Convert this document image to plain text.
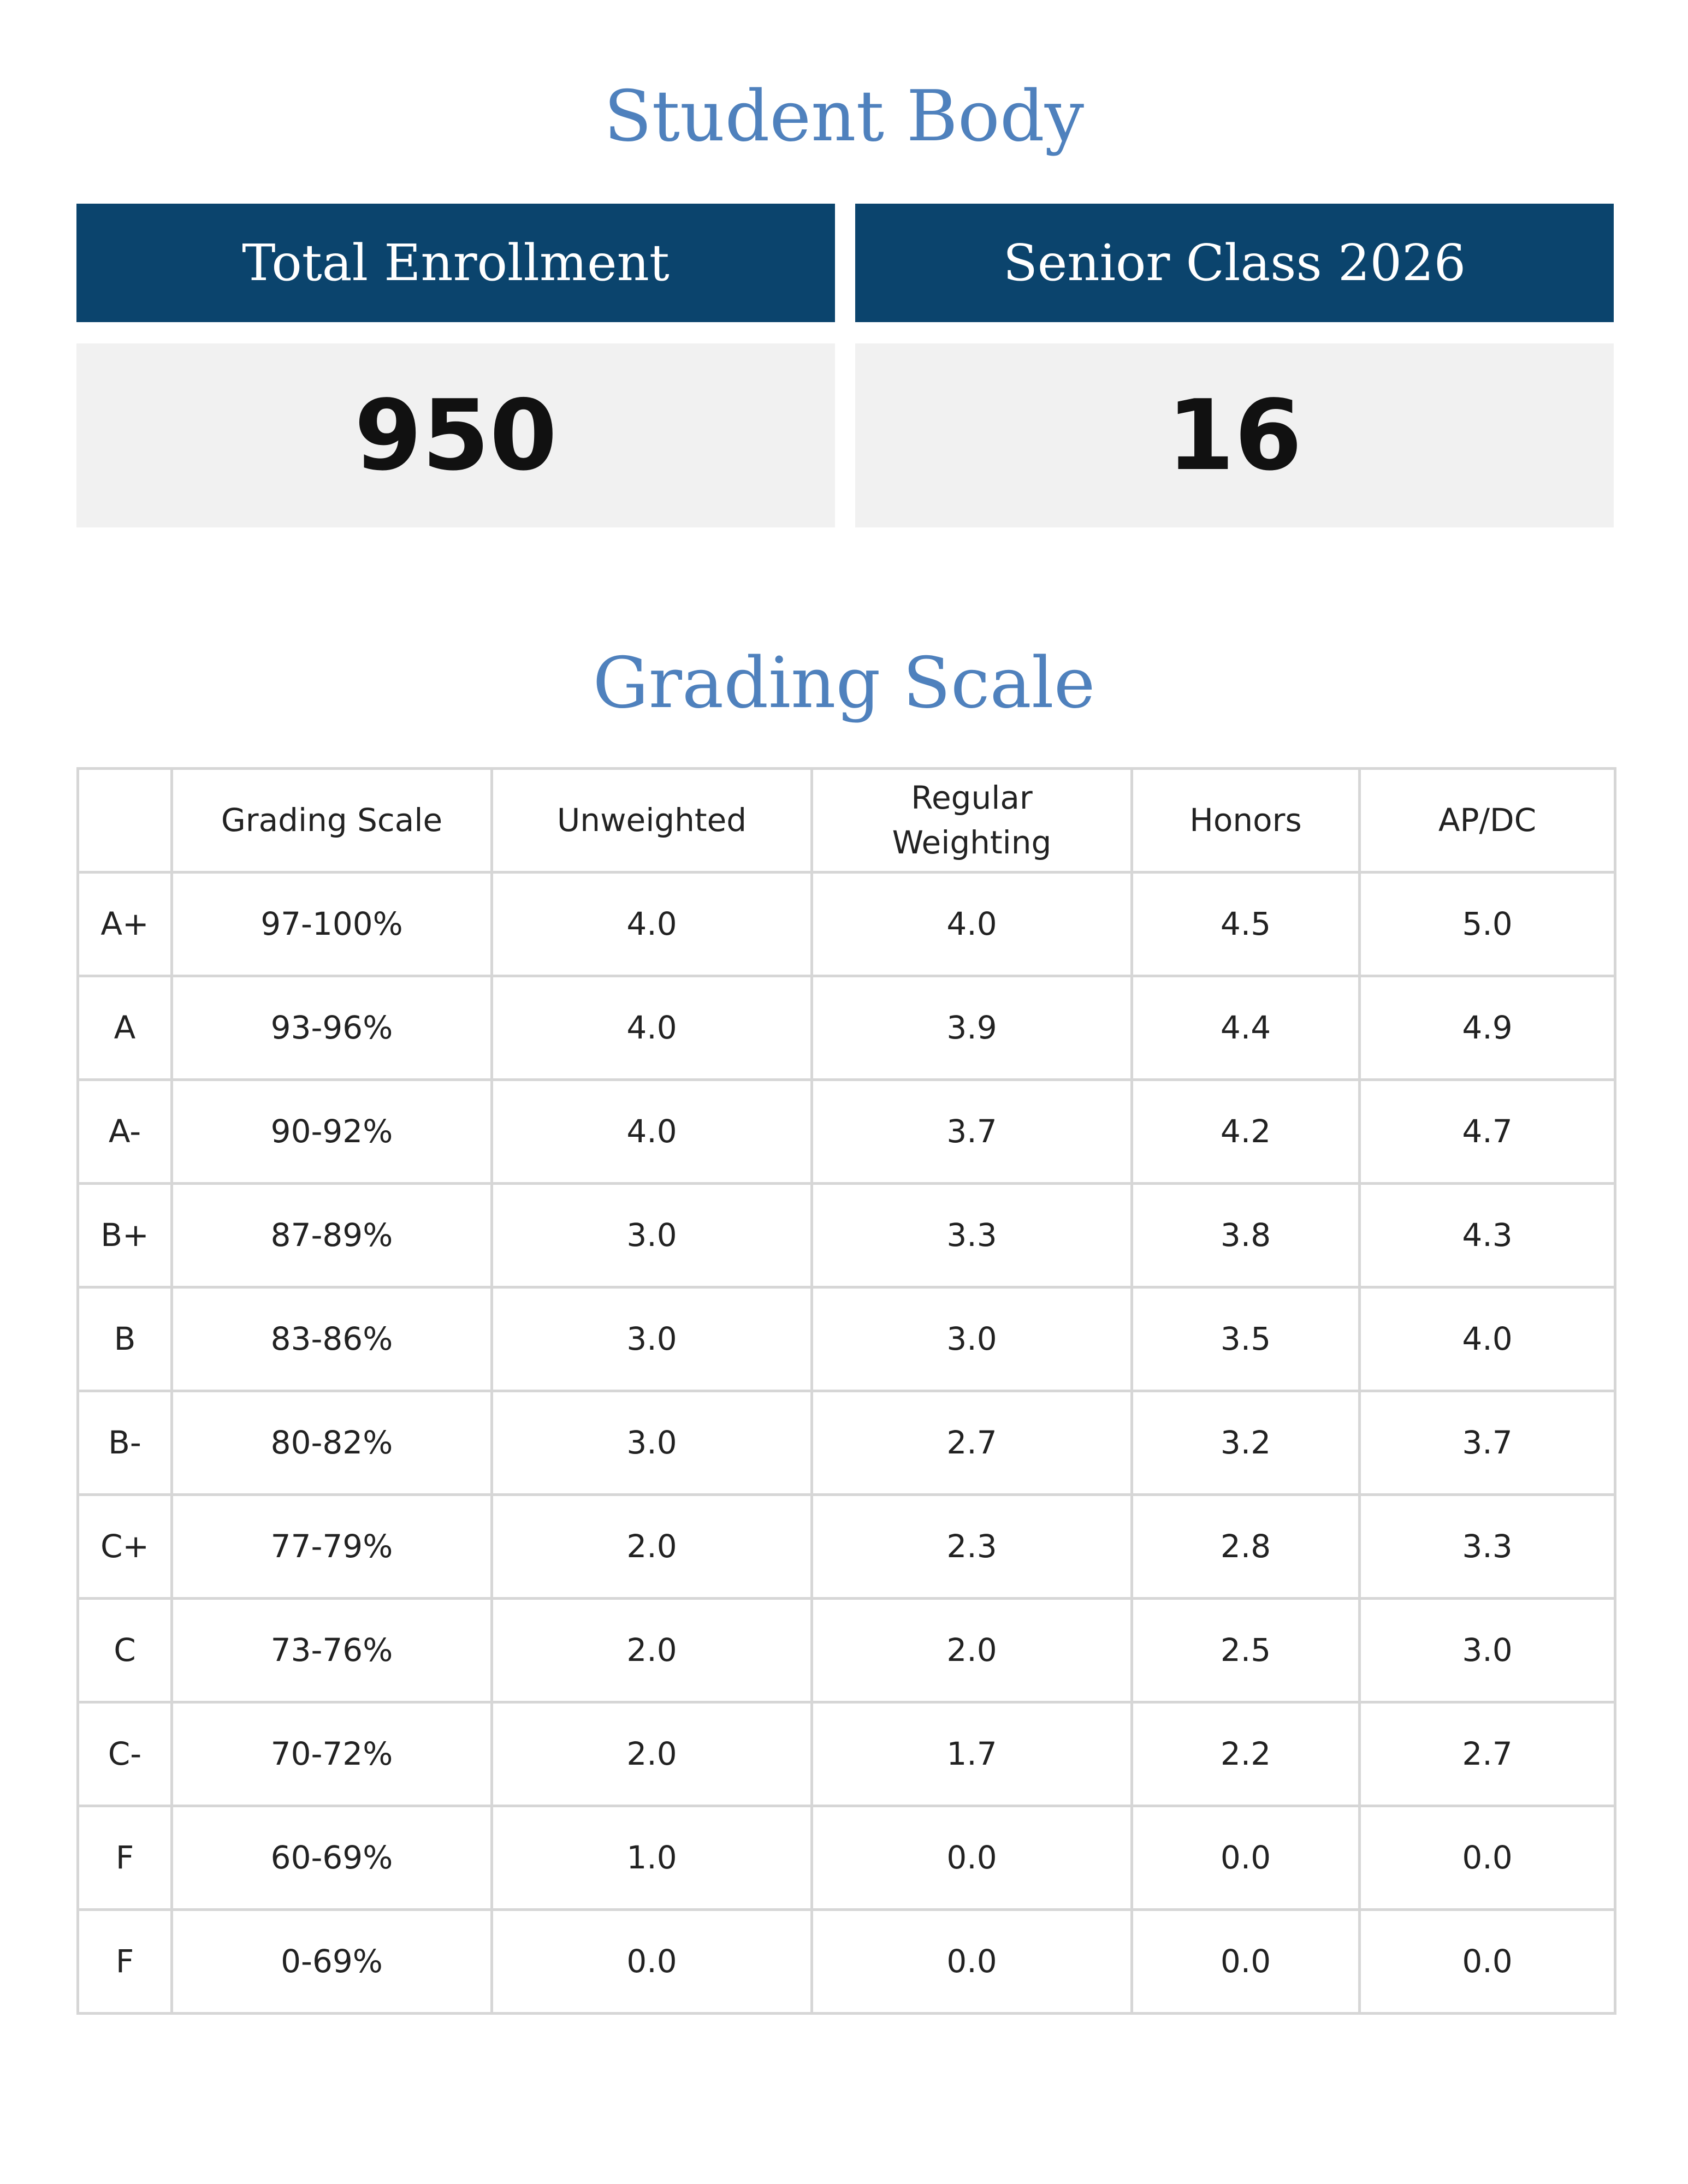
Student Body
Total Enrollment	Senior Class 2026
950	16
Grading Scale
	Grading Scale	Unweighted	Regular Weighting	Honors	AP/DC
A+	97-100%	4.0	4.0	4.5	5.0
A	93-96%	4.0	3.9	4.4	4.9
A-	90-92%	4.0	3.7	4.2	4.7
B+	87-89%	3.0	3.3	3.8	4.3
B	83-86%	3.0	3.0	3.5	4.0
B-	80-82%	3.0	2.7	3.2	3.7
C+	77-79%	2.0	2.3	2.8	3.3
C	73-76%	2.0	2.0	2.5	3.0
C-	70-72%	2.0	1.7	2.2	2.7
F	60-69%	1.0	0.0	0.0	0.0
F	0-69%	0.0	0.0	0.0	0.0
